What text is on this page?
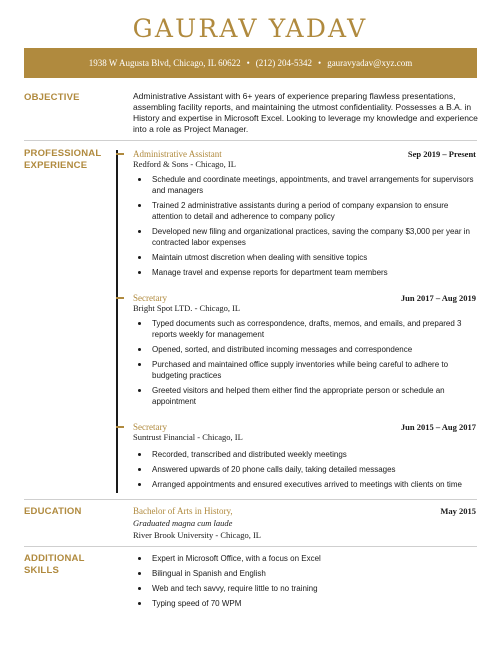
GAURAV YADAV
1938 W Augusta Blvd, Chicago, IL 60622 • (212) 204-5342 • gauravyadav@xyz.com
OBJECTIVE	Administrative Assistant with 6+ years of experience preparing flawless presentations, assembling facility reports, and maintaining the utmost confidentiality. Possesses a B.A. in History and expertise in Microsoft Excel. Looking to leverage my knowledge and experience into a role as Project Manager.
PROFESSIONAL
EXPERIENCE
Administrative Assistant	Sep 2019 – Present
Redford & Sons - Chicago, IL
Schedule and coordinate meetings, appointments, and travel arrangements for supervisors and managers
Trained 2 administrative assistants during a period of company expansion to ensure attention to detail and adherence to company policy
Developed new filing and organizational practices, saving the company $3,000 per year in contracted labor expenses
Maintain utmost discretion when dealing with sensitive topics
Manage travel and expense reports for department team members
Secretary	Jun 2017 – Aug 2019
Bright Spot LTD. - Chicago, IL
Typed documents such as correspondence, drafts, memos, and emails, and prepared 3 reports weekly for management
Opened, sorted, and distributed incoming messages and correspondence
Purchased and maintained office supply inventories while being careful to adhere to budgeting practices
Greeted visitors and helped them either find the appropriate person or schedule an appointment
Secretary	Jun 2015 – Aug 2017
Suntrust Financial - Chicago, IL
Recorded, transcribed and distributed weekly meetings
Answered upwards of 20 phone calls daily, taking detailed messages
Arranged appointments and ensured executives arrived to meetings with clients on time
EDUCATION	Bachelor of Arts in History,	May 2015
Graduated magna cum laude
River Brook University - Chicago, IL
ADDITIONAL
SKILLS
Expert in Microsoft Office, with a focus on Excel
Bilingual in Spanish and English
Web and tech savvy, require little to no training
Typing speed of 70 WPM
